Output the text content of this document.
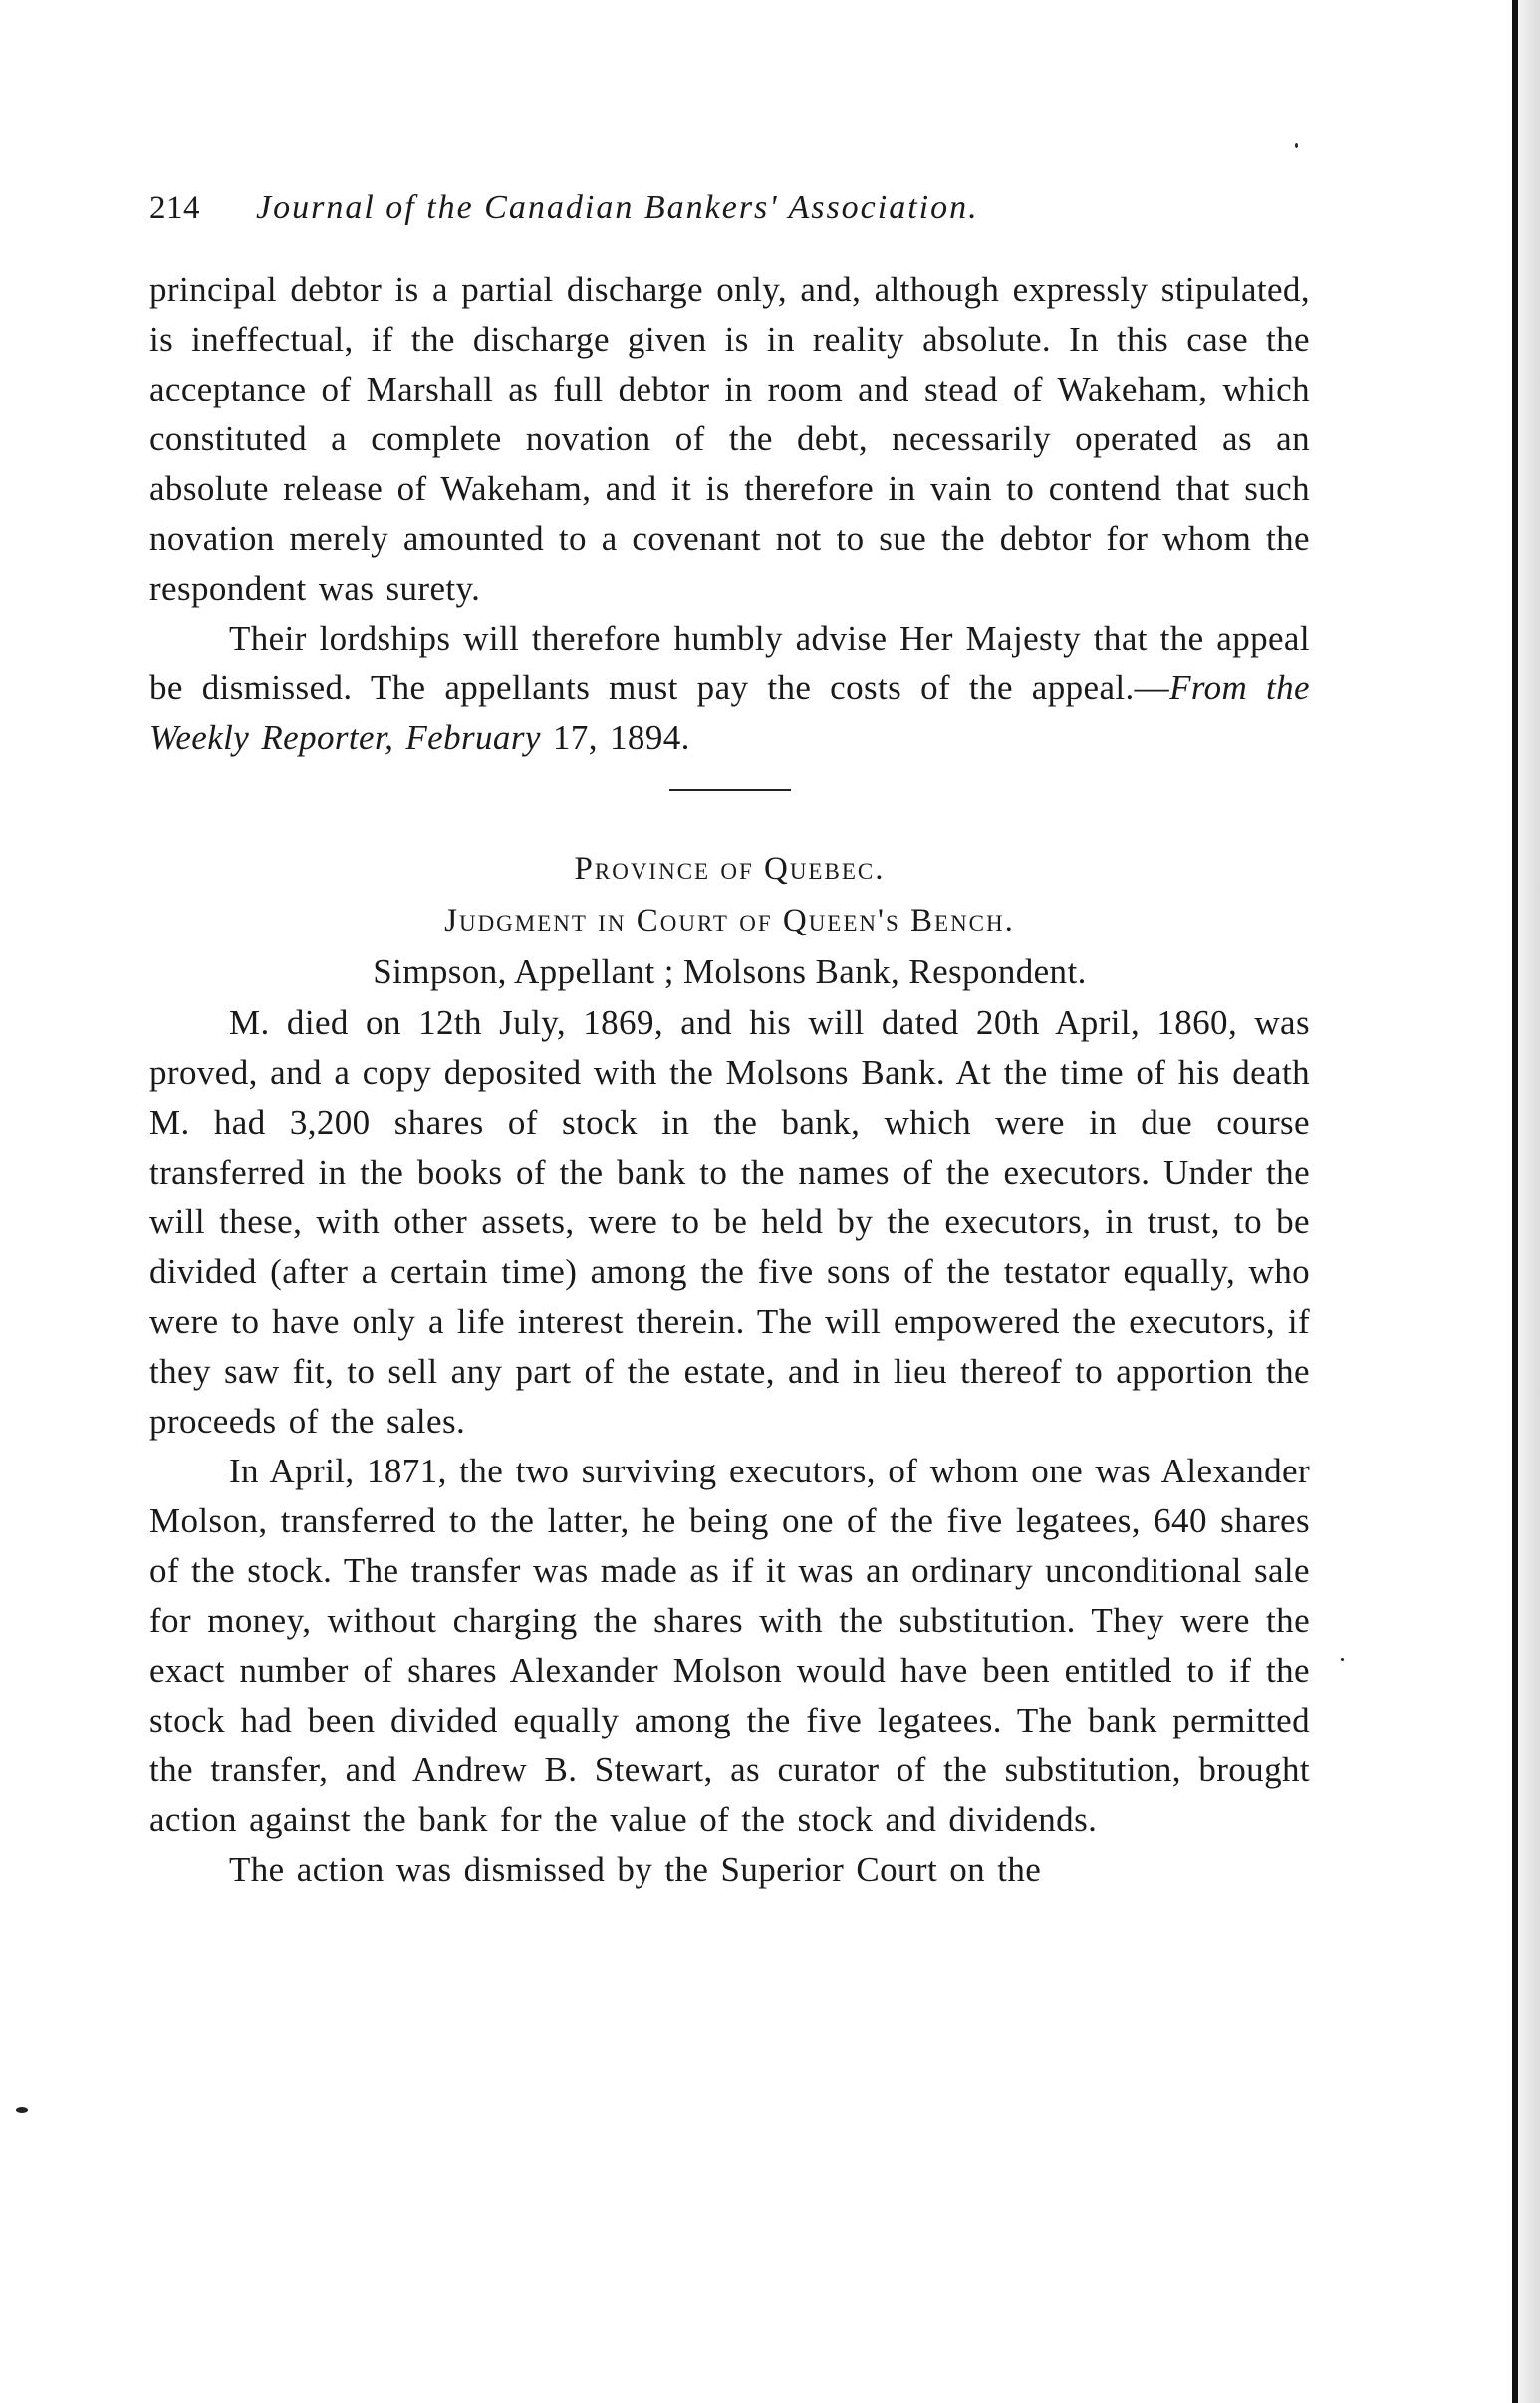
214 Journal of the Canadian Bankers' Association.

principal debtor is a partial discharge only, and, although expressly stipulated, is ineffectual, if the discharge given is in reality absolute. In this case the acceptance of Marshall as full debtor in room and stead of Wakeham, which constituted a complete novation of the debt, necessarily operated as an absolute release of Wakeham, and it is therefore in vain to contend that such novation merely amounted to a covenant not to sue the debtor for whom the respondent was surety.

Their lordships will therefore humbly advise Her Majesty that the appeal be dismissed. The appellants must pay the costs of the appeal.—From the Weekly Reporter, February 17, 1894.

Province of Quebec.

Judgment in Court of Queen's Bench.

Simpson, Appellant ; Molsons Bank, Respondent.

M. died on 12th July, 1869, and his will dated 20th April, 1860, was proved, and a copy deposited with the Molsons Bank. At the time of his death M. had 3,200 shares of stock in the bank, which were in due course transferred in the books of the bank to the names of the executors. Under the will these, with other assets, were to be held by the executors, in trust, to be divided (after a certain time) among the five sons of the testator equally, who were to have only a life interest therein. The will empowered the executors, if they saw fit, to sell any part of the estate, and in lieu thereof to apportion the proceeds of the sales.

In April, 1871, the two surviving executors, of whom one was Alexander Molson, transferred to the latter, he being one of the five legatees, 640 shares of the stock. The transfer was made as if it was an ordinary unconditional sale for money, without charging the shares with the substitution. They were the exact number of shares Alexander Molson would have been entitled to if the stock had been divided equally among the five legatees. The bank permitted the transfer, and Andrew B. Stewart, as curator of the substitution, brought action against the bank for the value of the stock and dividends.

The action was dismissed by the Superior Court on the
